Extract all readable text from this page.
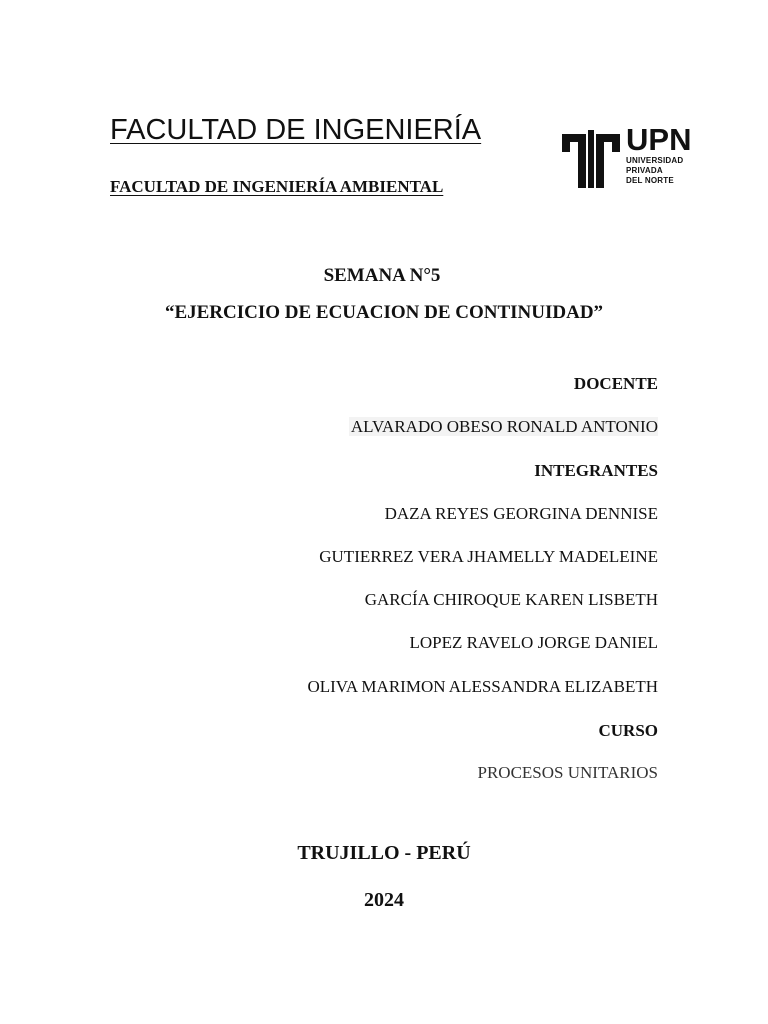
FACULTAD DE INGENIERÍA
FACULTAD DE INGENIERÍA AMBIENTAL
UPN
UNIVERSIDAD
PRIVADA
DEL NORTE

SEMANA N°5

“EJERCICIO DE ECUACION DE CONTINUIDAD”

DOCENTE

ALVARADO OBESO RONALD ANTONIO

INTEGRANTES

DAZA REYES GEORGINA DENNISE

GUTIERREZ VERA JHAMELLY MADELEINE

GARCÍA CHIROQUE KAREN LISBETH

LOPEZ RAVELO JORGE DANIEL

OLIVA MARIMON ALESSANDRA ELIZABETH

CURSO

PROCESOS UNITARIOS

TRUJILLO - PERÚ

2024
